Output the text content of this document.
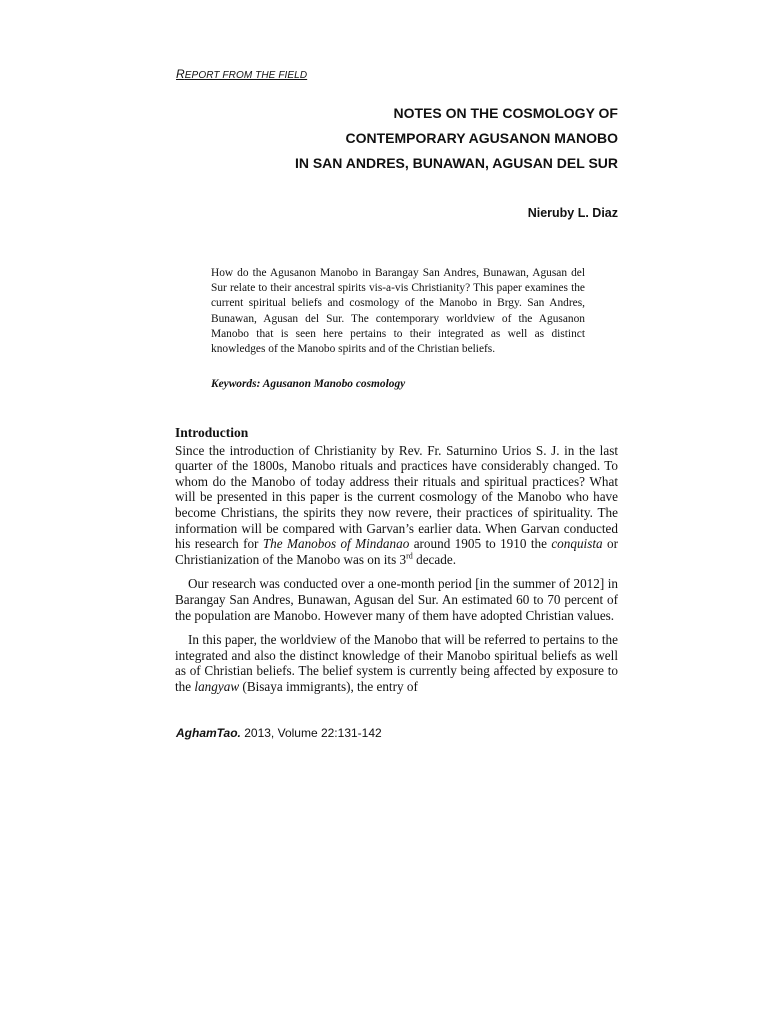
REPORT FROM THE FIELD
NOTES ON THE COSMOLOGY OF
CONTEMPORARY AGUSANON MANOBO
IN SAN ANDRES, BUNAWAN, AGUSAN DEL SUR
Nieruby L. Diaz
How do the Agusanon Manobo in Barangay San Andres, Bunawan, Agusan del Sur relate to their ancestral spirits vis-a-vis Christianity? This paper examines the current spiritual beliefs and cosmology of the Manobo in Brgy. San Andres, Bunawan, Agusan del Sur. The contemporary worldview of the Agusanon Manobo that is seen here pertains to their integrated as well as distinct knowledges of the Manobo spirits and of the Christian beliefs.
Keywords: Agusanon Manobo cosmology
Introduction

Since the introduction of Christianity by Rev. Fr. Saturnino Urios S. J. in the last quarter of the 1800s, Manobo rituals and practices have considerably changed. To whom do the Manobo of today address their rituals and spiritual practices? What will be presented in this paper is the current cosmology of the Manobo who have become Christians, the spirits they now revere, their practices of spirituality. The information will be compared with Garvan’s earlier data. When Garvan conducted his research for The Manobos of Mindanao around 1905 to 1910 the conquista or Christianization of the Manobo was on its 3rd decade.

Our research was conducted over a one-month period [in the summer of 2012] in Barangay San Andres, Bunawan, Agusan del Sur. An estimated 60 to 70 percent of the population are Manobo. However many of them have adopted Christian values.

In this paper, the worldview of the Manobo that will be referred to pertains to the integrated and also the distinct knowledge of their Manobo spiritual beliefs as well as of Christian beliefs. The belief system is currently being affected by exposure to the langyaw (Bisaya immigrants), the entry of

AghamTao. 2013, Volume 22:131-142
